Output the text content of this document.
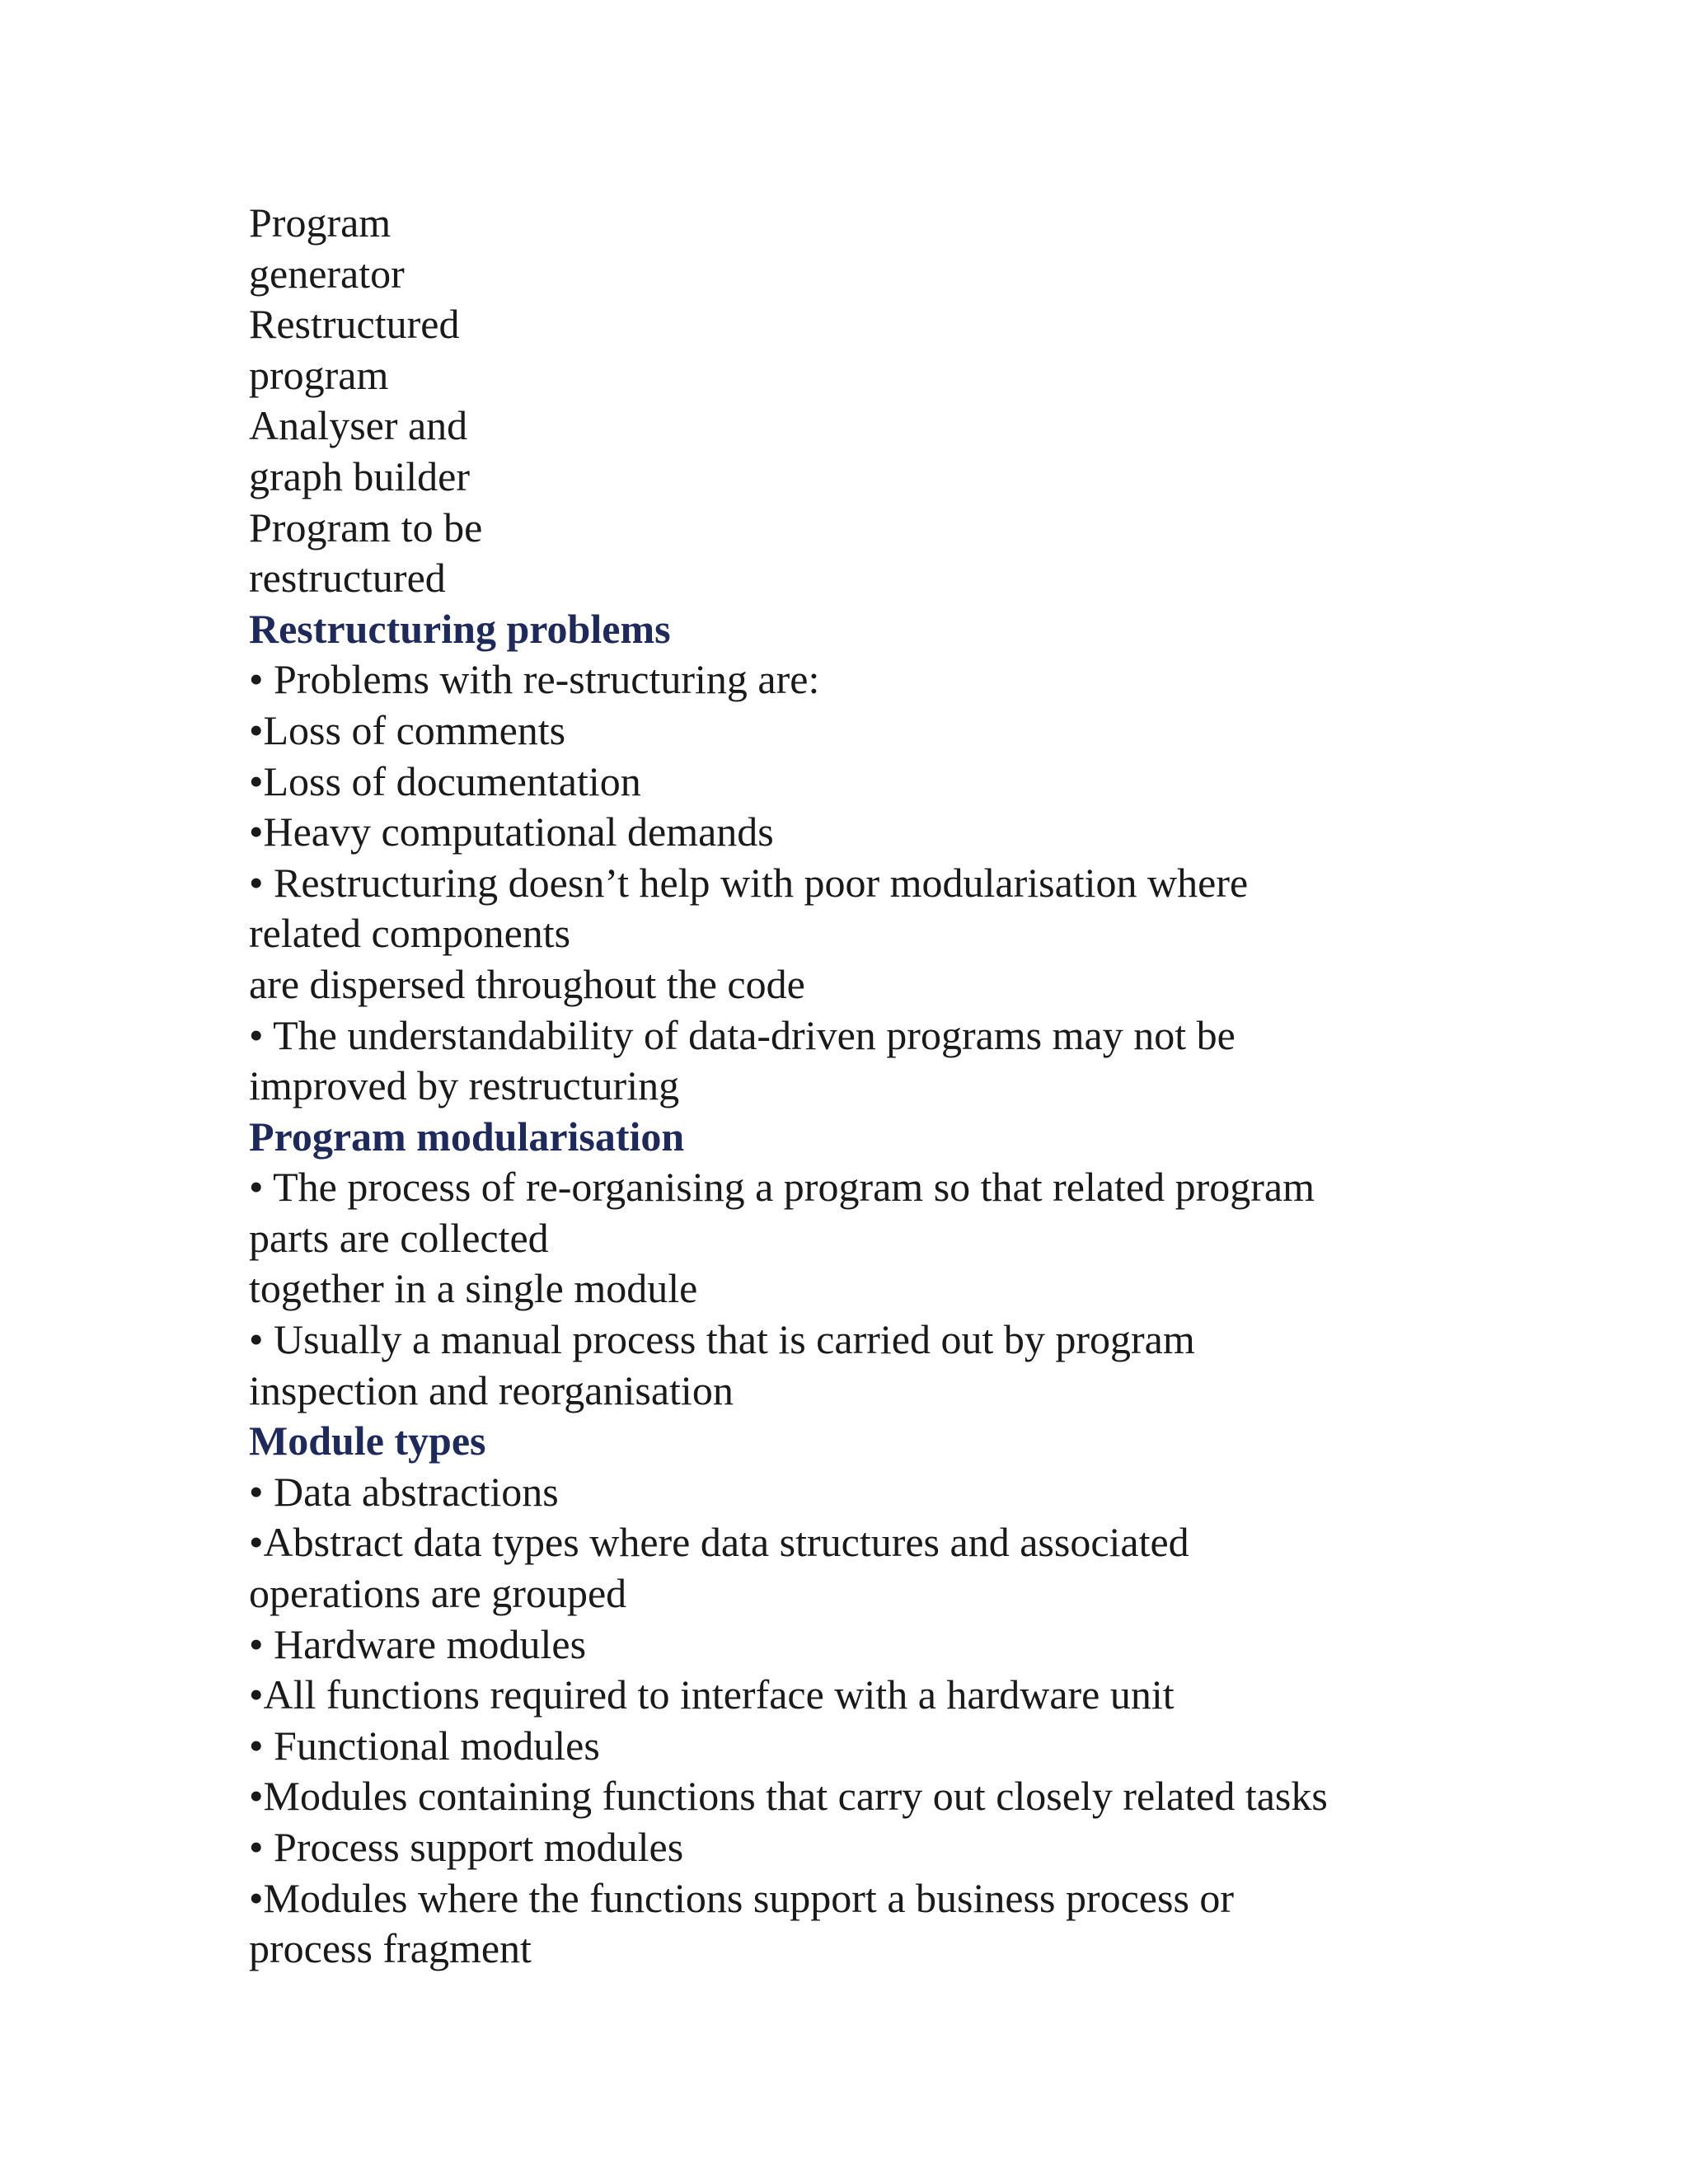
Program
generator
Restructured
program
Analyser and
graph builder
Program to be
restructured
Restructuring problems
• Problems with re-structuring are:
•Loss of comments
•Loss of documentation
•Heavy computational demands
• Restructuring doesn’t help with poor modularisation where
related components
are dispersed throughout the code
• The understandability of data-driven programs may not be
improved by restructuring
Program modularisation
• The process of re-organising a program so that related program
parts are collected
together in a single module
• Usually a manual process that is carried out by program
inspection and reorganisation
Module types
• Data abstractions
•Abstract data types where data structures and associated
operations are grouped
• Hardware modules
•All functions required to interface with a hardware unit
• Functional modules
•Modules containing functions that carry out closely related tasks
• Process support modules
•Modules where the functions support a business process or
process fragment
